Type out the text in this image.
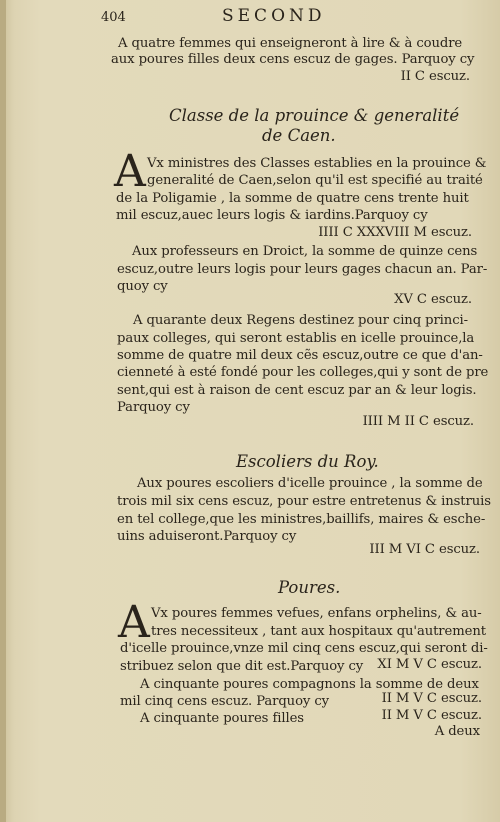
404	SECOND
A quatre femmes qui enseigneront à lire & à coudre
aux poures filles deux cens escuz de gages. Parquoy cy
II C escuz.
Classe de la prouince & generalité
de Caen.
A Vx ministres des Classes establies en la prouince &
generalité de Caen,selon qu'il est specifié au traité
de la Poligamie , la somme de quatre cens trente huit
mil escuz,auec leurs logis & iardins.Parquoy cy
IIII C XXXVIII M escuz.
Aux professeurs en Droict, la somme de quinze cens
escuz,outre leurs logis pour leurs gages chacun an. Par-
quoy cy
XV C escuz.
A quarante deux Regens destinez pour cinq princi-
paux colleges, qui seront establis en icelle prouince,la
somme de quatre mil deux cẽs escuz,outre ce que d'an-
cienneté à esté fondé pour les colleges,qui y sont de pre
sent,qui est à raison de cent escuz par an & leur logis.
Parquoy cy
IIII M II C escuz.
Escoliers du Roy.
Aux poures escoliers d'icelle prouince , la somme de
trois mil six cens escuz, pour estre entretenus & instruis
en tel college,que les ministres,baillifs, maires & esche-
uins aduiseront.Parquoy cy
III M VI C escuz.
Poures.
A Vx poures femmes vefues, enfans orphelins, & au-
tres necessiteux , tant aux hospitaux qu'autrement
d'icelle prouince,vnze mil cinq cens escuz,qui seront di-
stribuez selon que dit est.Parquoy cy XI M V C escuz.
A cinquante poures compagnons la somme de deux
mil cinq cens escuz. Parquoy cy	II M V C escuz.
A cinquante poures filles	II M V C escuz.
A deux
